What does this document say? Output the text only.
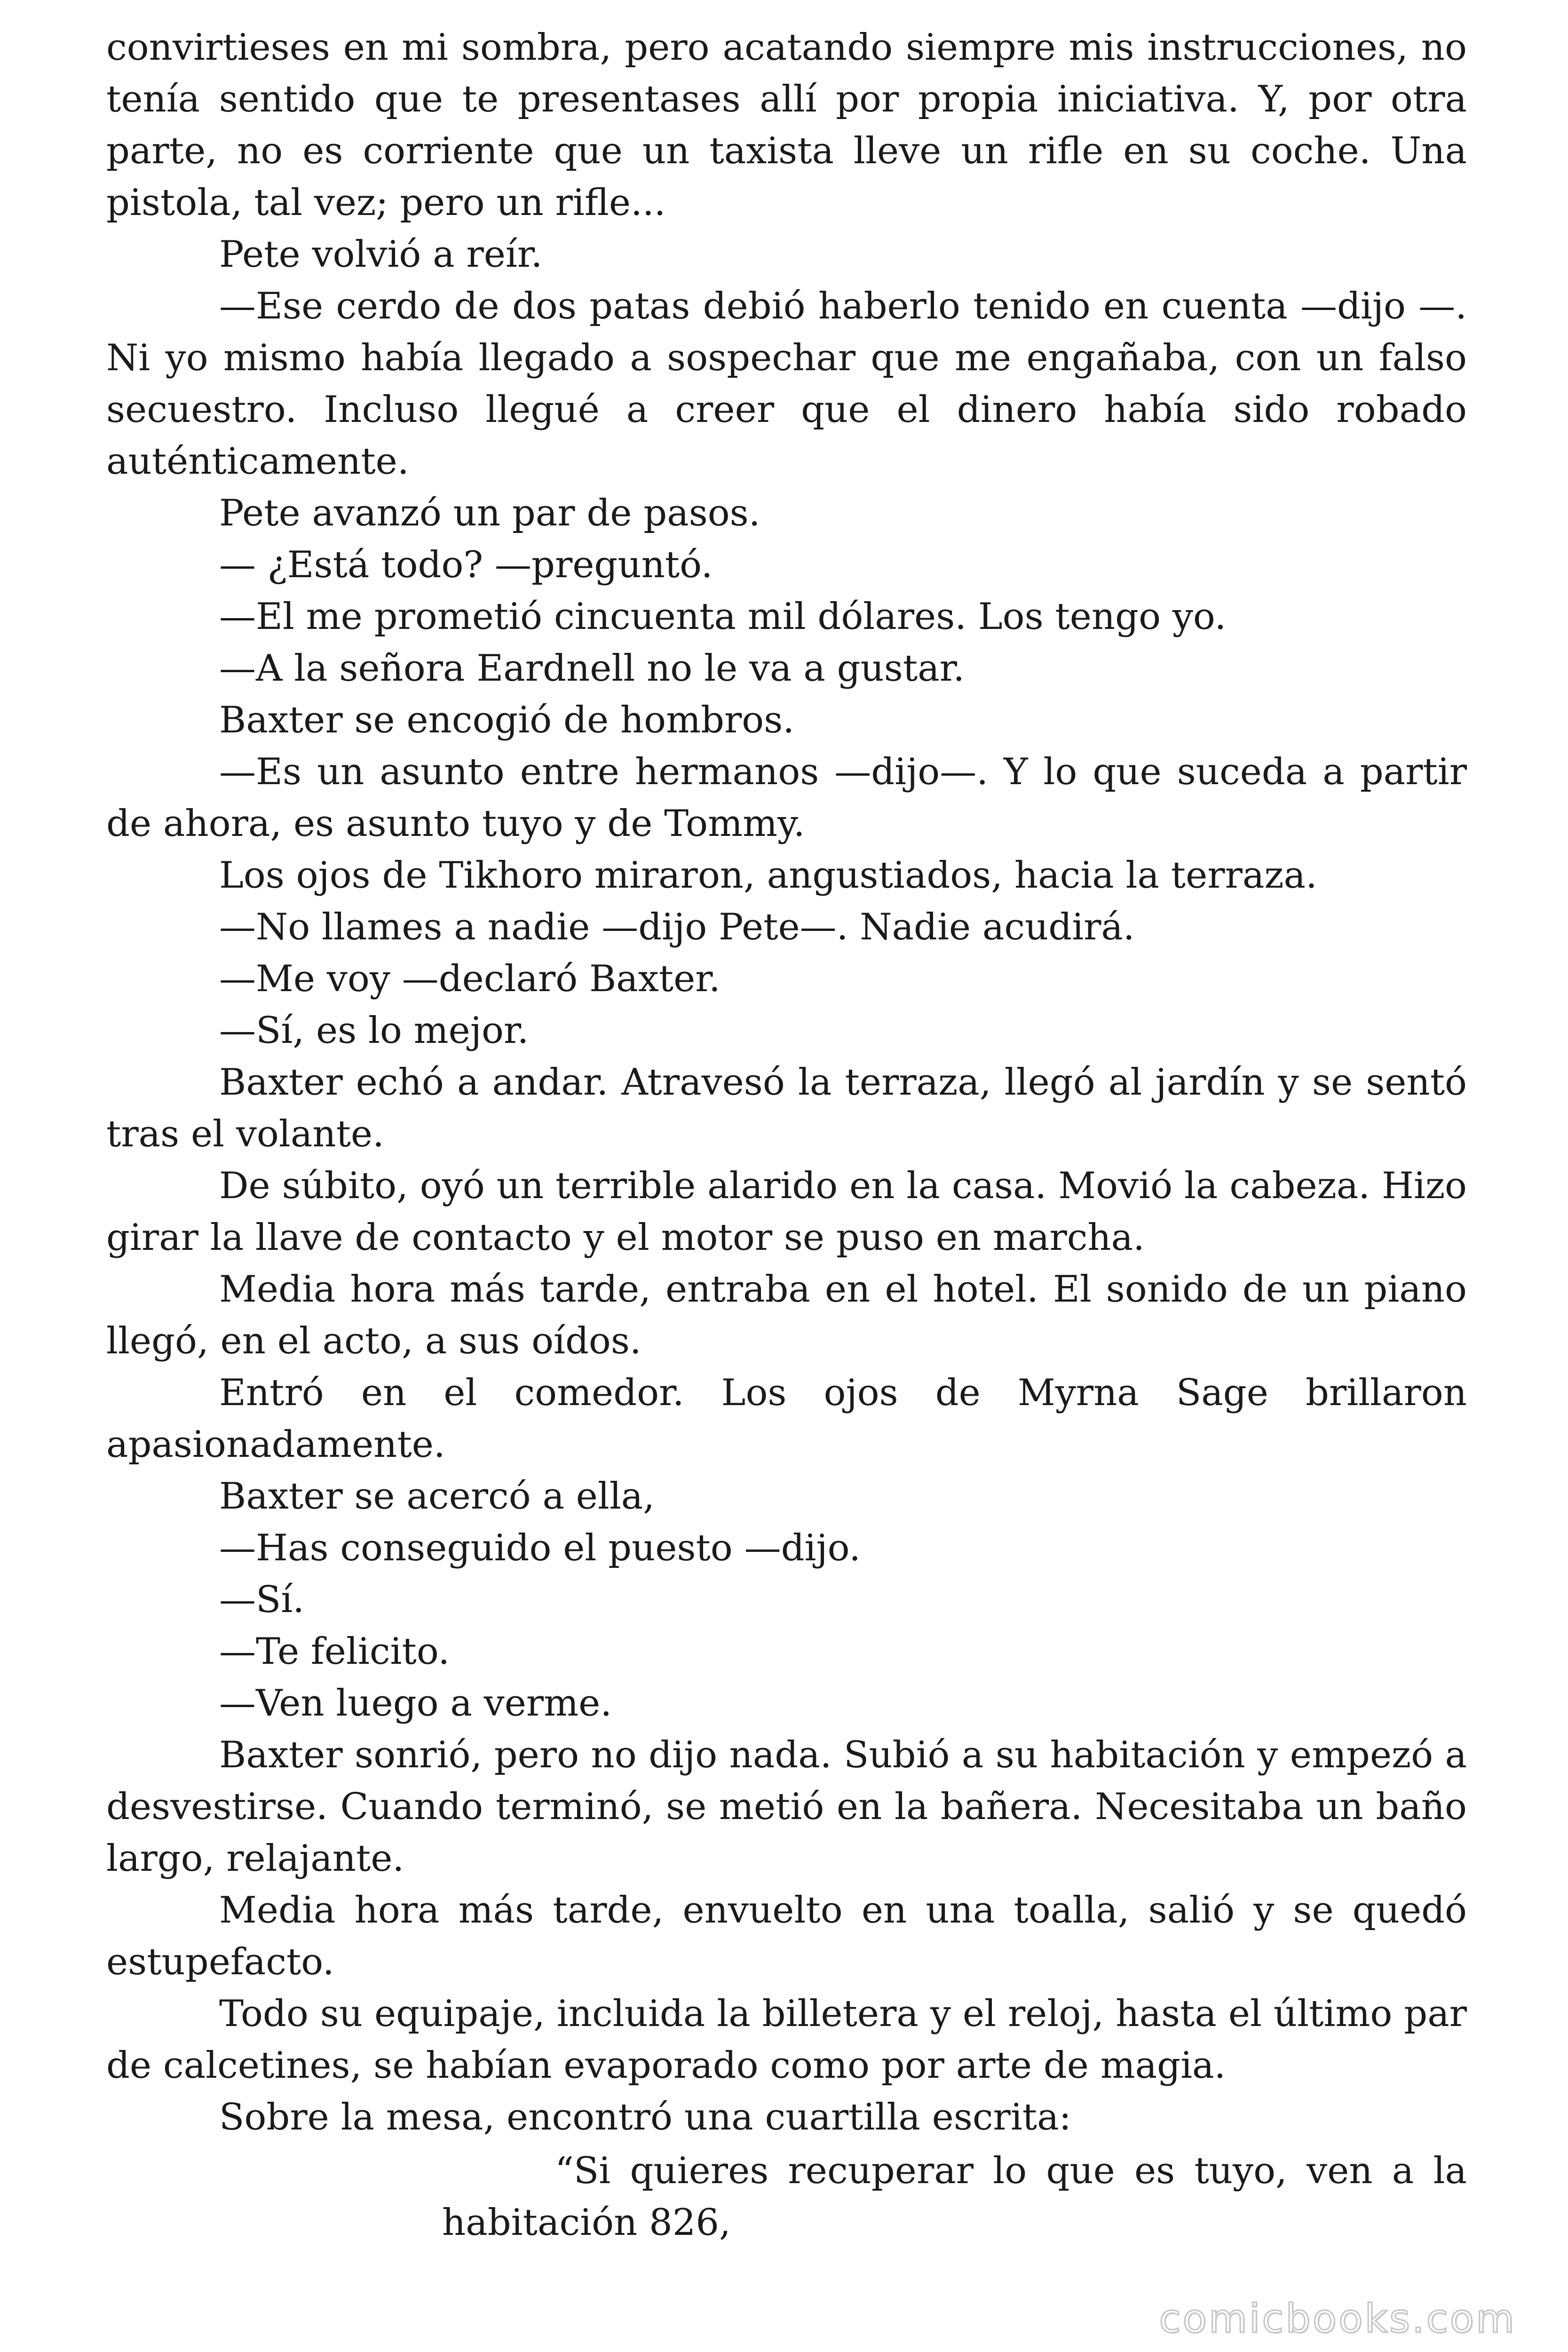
convirtieses en mi sombra, pero acatando siempre mis instrucciones, no tenía sentido que te presentases allí por propia iniciativa. Y, por otra parte, no es corriente que un taxista lleve un rifle en su coche. Una pistola, tal vez; pero un rifle...

Pete volvió a reír.

—Ese cerdo de dos patas debió haberlo tenido en cuenta —dijo —. Ni yo mismo había llegado a sospechar que me engañaba, con un falso secuestro. Incluso llegué a creer que el dinero había sido robado auténticamente.

Pete avanzó un par de pasos.

— ¿Está todo? —preguntó.

—El me prometió cincuenta mil dólares. Los tengo yo.

—A la señora Eardnell no le va a gustar.

Baxter se encogió de hombros.

—Es un asunto entre hermanos —dijo—. Y lo que suceda a partir de ahora, es asunto tuyo y de Tommy.

Los ojos de Tikhoro miraron, angustiados, hacia la terraza.

—No llames a nadie —dijo Pete—. Nadie acudirá.

—Me voy —declaró Baxter.

—Sí, es lo mejor.

Baxter echó a andar. Atravesó la terraza, llegó al jardín y se sentó tras el volante.

De súbito, oyó un terrible alarido en la casa. Movió la cabeza. Hizo girar la llave de contacto y el motor se puso en marcha.

Media hora más tarde, entraba en el hotel. El sonido de un piano llegó, en el acto, a sus oídos.

Entró en el comedor. Los ojos de Myrna Sage brillaron apasionadamente.

Baxter se acercó a ella,

—Has conseguido el puesto —dijo.

—Sí.

—Te felicito.

—Ven luego a verme.

Baxter sonrió, pero no dijo nada. Subió a su habitación y empezó a desvestirse. Cuando terminó, se metió en la bañera. Necesitaba un baño largo, relajante.

Media hora más tarde, envuelto en una toalla, salió y se quedó estupefacto.

Todo su equipaje, incluida la billetera y el reloj, hasta el último par de calcetines, se habían evaporado como por arte de magia.

Sobre la mesa, encontró una cuartilla escrita:

“Si quieres recuperar lo que es tuyo, ven a la habitación 826,

comicbooks.com
